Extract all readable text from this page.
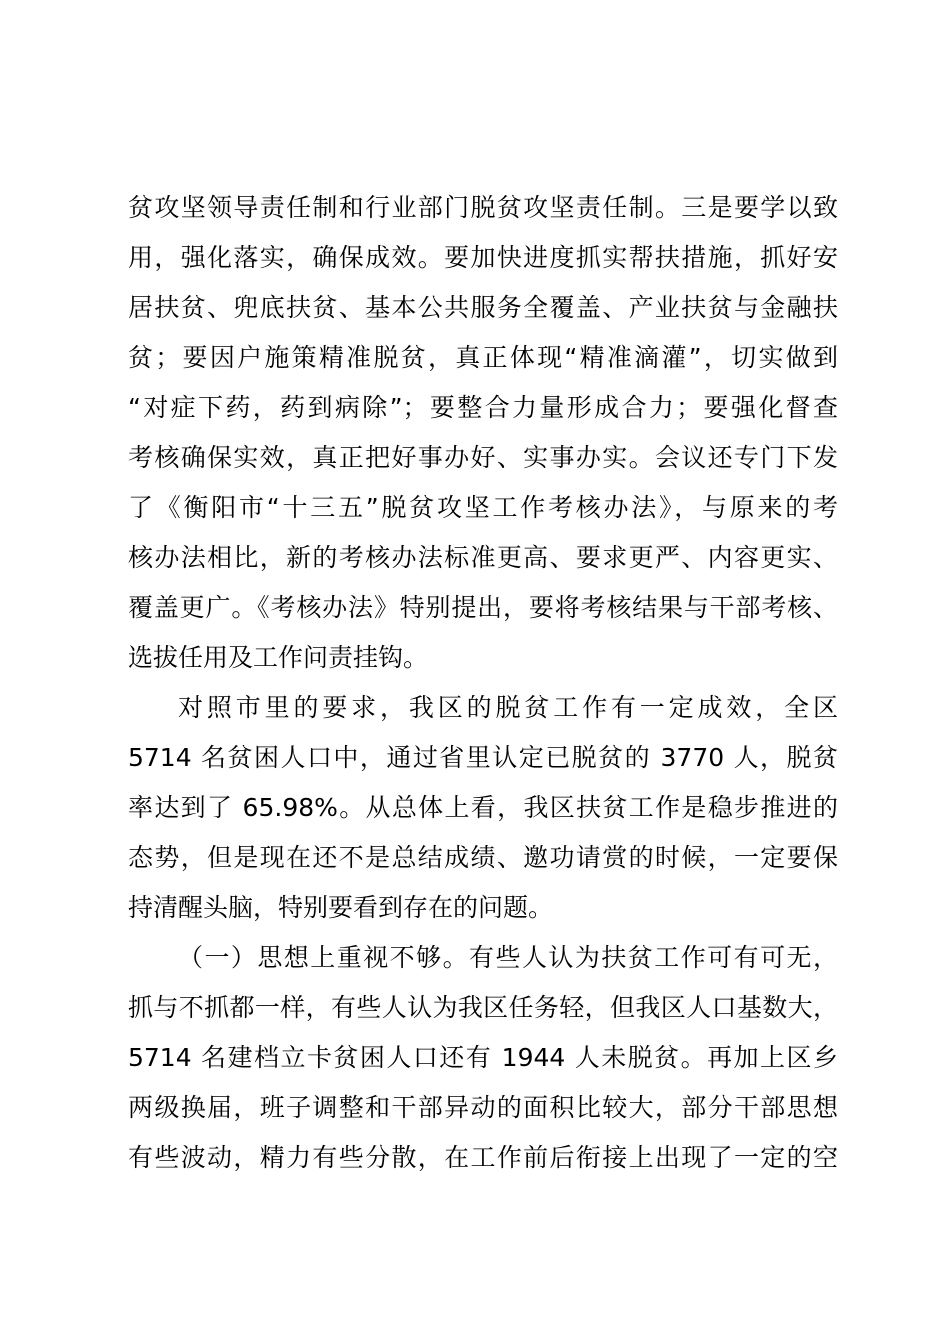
贫攻坚领导责任制和行业部门脱贫攻坚责任制。三是要学以致
用，强化落实，确保成效。要加快进度抓实帮扶措施，抓好安
居扶贫、兜底扶贫、基本公共服务全覆盖、产业扶贫与金融扶
贫；要因户施策精准脱贫，真正体现“精准滴灌”，切实做到
“对症下药，药到病除”；要整合力量形成合力；要强化督查
考核确保实效，真正把好事办好、实事办实。会议还专门下发
了《衡阳市“十三五”脱贫攻坚工作考核办法》，与原来的考
核办法相比，新的考核办法标准更高、要求更严、内容更实、
覆盖更广。《考核办法》特别提出，要将考核结果与干部考核、
选拔任用及工作问责挂钩。
对照市里的要求，我区的脱贫工作有一定成效，全区
5714 名贫困人口中，通过省里认定已脱贫的 3770 人，脱贫
率达到了 65.98%。从总体上看，我区扶贫工作是稳步推进的
态势，但是现在还不是总结成绩、邀功请赏的时候，一定要保
持清醒头脑，特别要看到存在的问题。
（一）思想上重视不够。有些人认为扶贫工作可有可无，
抓与不抓都一样，有些人认为我区任务轻，但我区人口基数大，
5714 名建档立卡贫困人口还有 1944 人未脱贫。再加上区乡
两级换届，班子调整和干部异动的面积比较大，部分干部思想
有些波动，精力有些分散，在工作前后衔接上出现了一定的空
